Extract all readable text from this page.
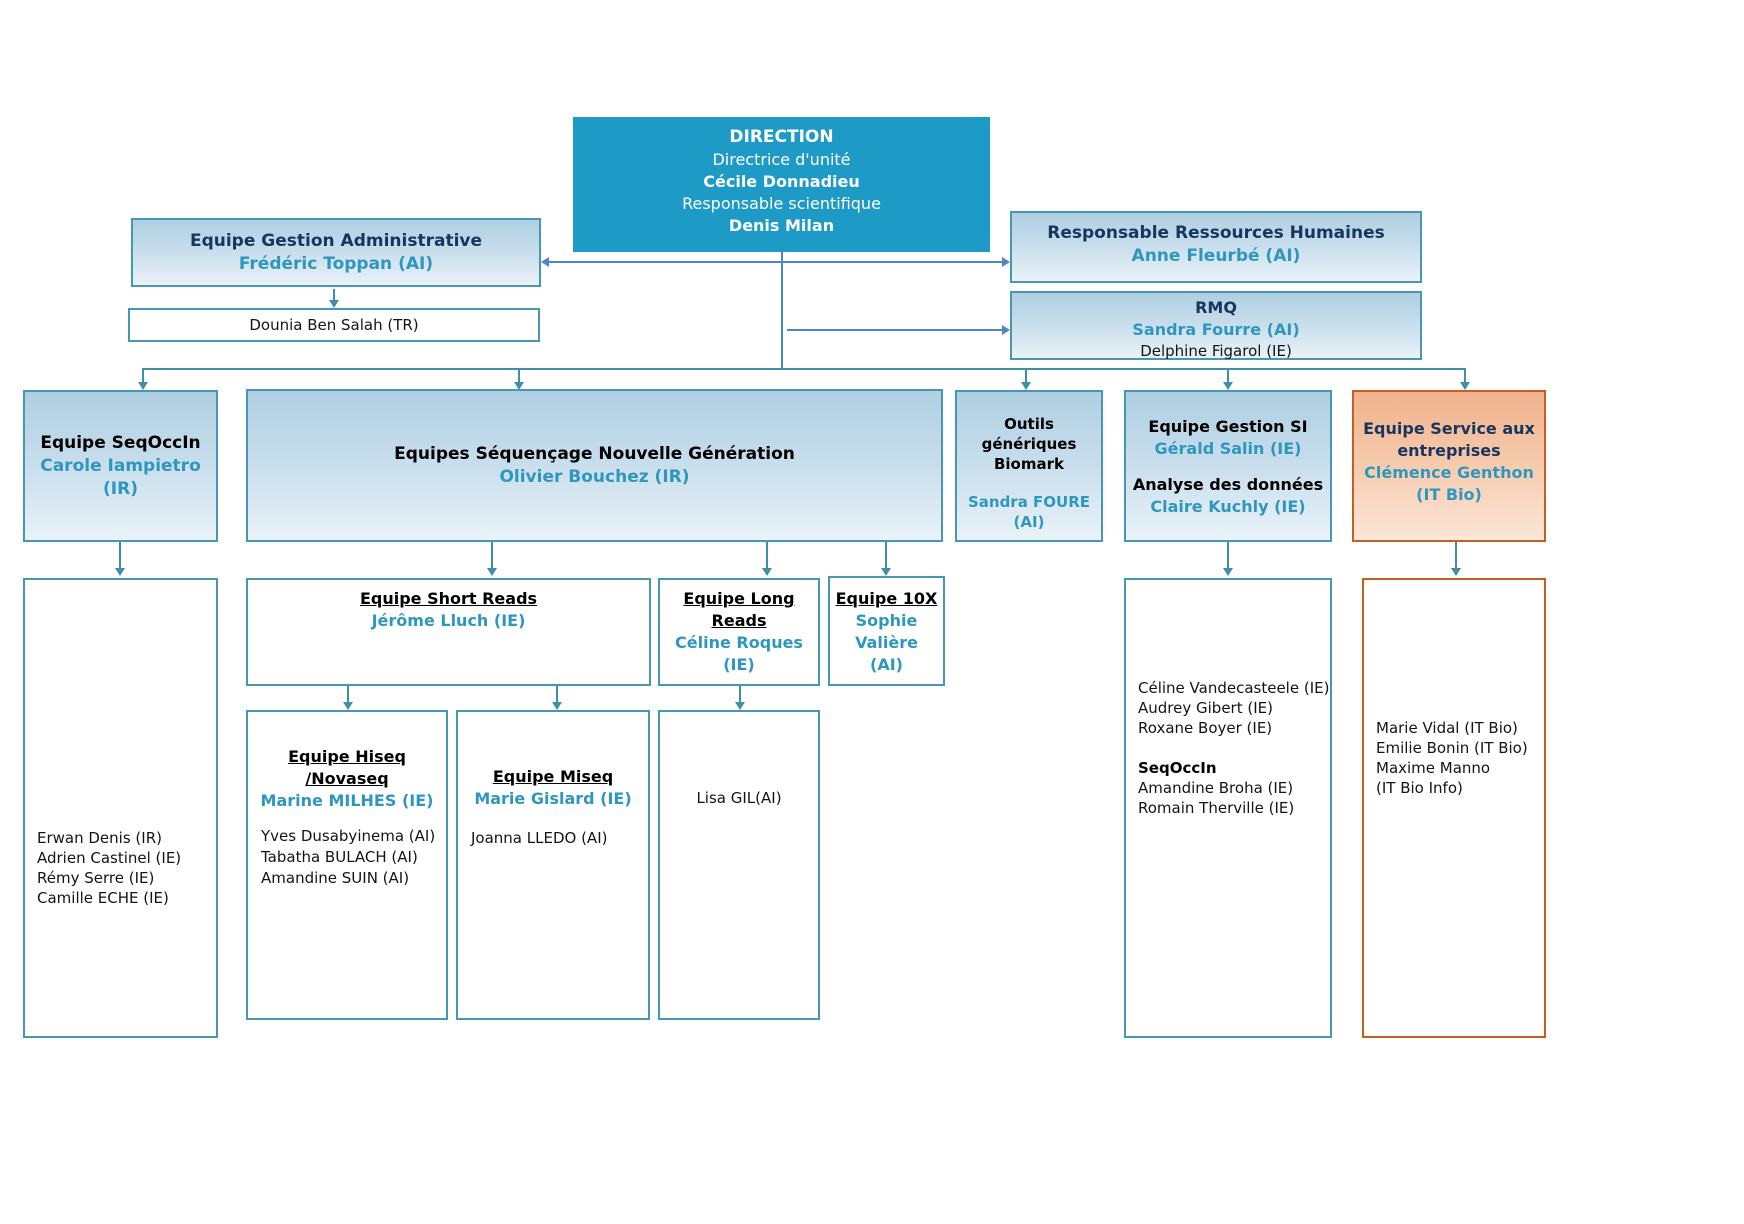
DIRECTION
Directrice d'unité
Cécile Donnadieu
Responsable scientifique
Denis Milan
Equipe Gestion Administrative
Frédéric Toppan (AI)
Dounia Ben Salah (TR)
Responsable Ressources Humaines
Anne Fleurbé (AI)
RMQ
Sandra Fourre (AI)
Delphine Figarol (IE)
Equipe SeqOccIn
Carole Iampietro
(IR)
Equipes Séquençage Nouvelle Génération
Olivier Bouchez (IR)
Outils
génériques
Biomark
Sandra FOURE
(AI)
Equipe Gestion SI
Gérald Salin (IE)
Analyse des données
Claire Kuchly (IE)
Equipe Service aux
entreprises
Clémence Genthon
(IT Bio)
Equipe Short Reads
Jérôme Lluch (IE)
Equipe Long
Reads
Céline Roques
(IE)
Equipe 10X
Sophie
Valière
(AI)
Erwan Denis (IR)
Adrien Castinel (IE)
Rémy Serre (IE)
Camille ECHE (IE)
Equipe Hiseq
/Novaseq
Marine MILHES (IE)
Yves Dusabyinema (AI)
Tabatha BULACH (AI)
Amandine SUIN (AI)
Equipe Miseq
Marie Gislard (IE)
Joanna LLEDO (AI)
Lisa GIL(AI)
Céline Vandecasteele (IE)
Audrey Gibert (IE)
Roxane Boyer (IE)
SeqOccIn
Amandine Broha (IE)
Romain Therville (IE)
Marie Vidal (IT Bio)
Emilie Bonin (IT Bio)
Maxime Manno
(IT Bio Info)
